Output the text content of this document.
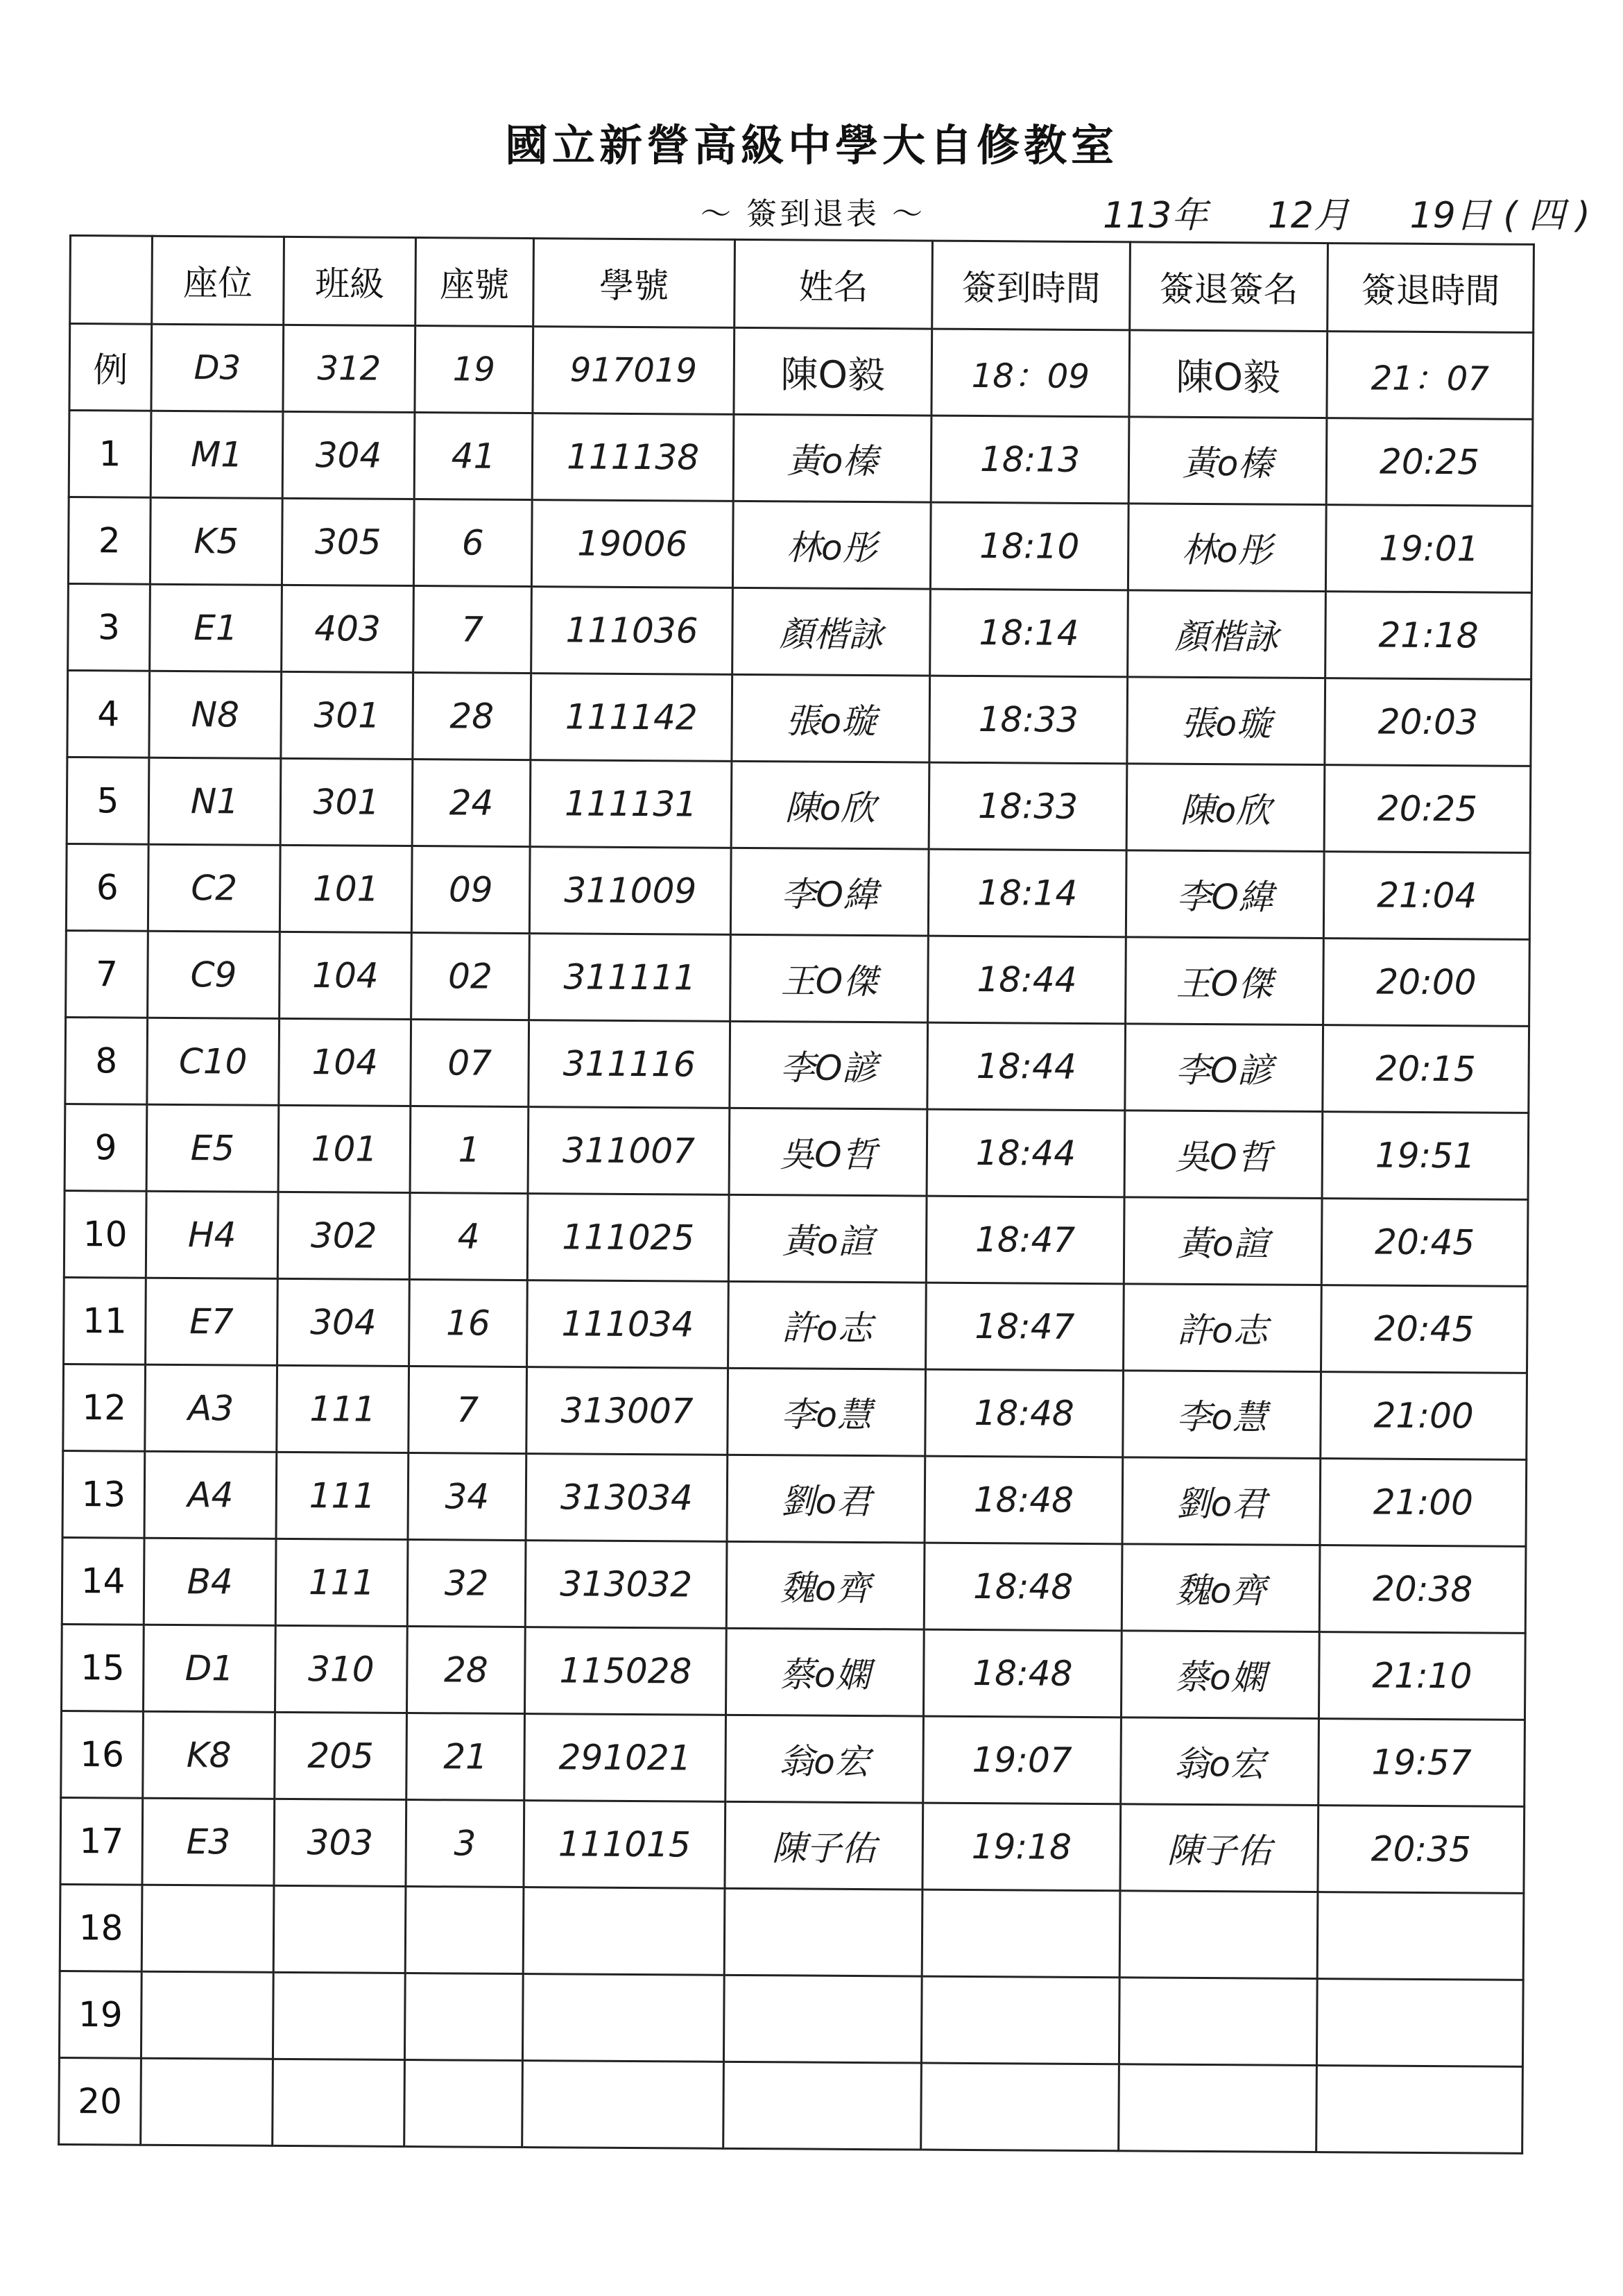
國立新營高級中學大自修教室
～ 簽到退表 ～	113年 12月 19日 ( 四 )
	座位	班級	座號	學號	姓名	簽到時間	簽退簽名	簽退時間
例	D3	312	19	917019	陳O毅	18：09	陳O毅	21：07
1	M1	304	41	111138	黃o榛	18:13	黃o榛	20:25
2	K5	305	6	19006	林o彤	18:10	林o彤	19:01
3	E1	403	7	111036	顏楷詠	18:14	顏楷詠	21:18
4	N8	301	28	111142	張o璇	18:33	張o璇	20:03
5	N1	301	24	111131	陳o欣	18:33	陳o欣	20:25
6	C2	101	09	311009	李O緯	18:14	李O緯	21:04
7	C9	104	02	311111	王O傑	18:44	王O傑	20:00
8	C10	104	07	311116	李O諺	18:44	李O諺	20:15
9	E5	101	1	311007	吳O哲	18:44	吳O哲	19:51
10	H4	302	4	111025	黃o諠	18:47	黃o諠	20:45
11	E7	304	16	111034	許o志	18:47	許o志	20:45
12	A3	111	7	313007	李o慧	18:48	李o慧	21:00
13	A4	111	34	313034	劉o君	18:48	劉o君	21:00
14	B4	111	32	313032	魏o齊	18:48	魏o齊	20:38
15	D1	310	28	115028	蔡o嫻	18:48	蔡o嫻	21:10
16	K8	205	21	291021	翁o宏	19:07	翁o宏	19:57
17	E3	303	3	111015	陳子佑	19:18	陳子佑	20:35
18								
19								
20								
